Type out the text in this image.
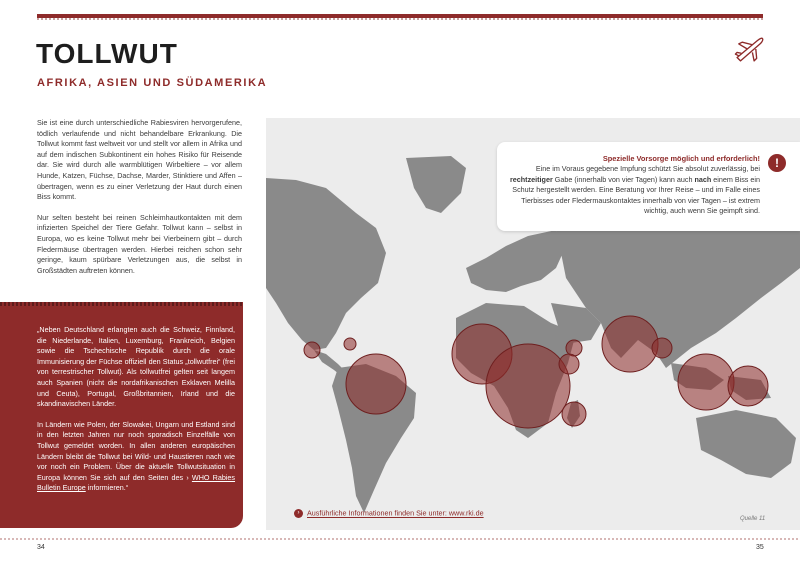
TOLLWUT
AFRIKA, ASIEN UND SÜDAMERIKA

Sie ist eine durch unterschiedliche Rabiesviren hervorgerufene, tödlich verlaufende und nicht behandelbare Erkrankung. Die Tollwut kommt fast weltweit vor und stellt vor allem in Afrika und auf dem indischen Subkontinent ein hohes Risiko für Reisende dar. Sie wird durch alle warmblütigen Wirbeltiere – vor allem Hunde, Katzen, Füchse, Dachse, Marder, Stinktiere und Affen – übertragen, wenn es zu einer Verletzung der Haut durch einen Biss kommt.

Nur selten besteht bei reinen Schleimhautkontakten mit dem infizierten Speichel der Tiere Gefahr. Tollwut kann – selbst in Europa, wo es keine Tollwut mehr bei Vierbeinern gibt – durch Fledermäuse übertragen werden. Hierbei reichen schon sehr geringe, kaum spürbare Verletzungen aus, die selbst in Großstädten auftreten können.

„Neben Deutschland erlangten auch die Schweiz, Finnland, die Niederlande, Italien, Luxemburg, Frankreich, Belgien sowie die Tschechische Republik durch die orale Immunisierung der Füchse offiziell den Status „tollwutfrei“ (frei von terrestrischer Tollwut). Als tollwutfrei gelten seit langem auch Spanien (nicht die nordafrikanischen Exklaven Melilla und Ceuta), Portugal, Großbritannien, Irland und die skandinavischen Länder.

In Ländern wie Polen, der Slowakei, Ungarn und Estland sind in den letzten Jahren nur noch sporadisch Einzelfälle von Tollwut gemeldet worden. In allen anderen europäischen Ländern bleibt die Tollwut bei Wild- und Haustieren nach wie vor noch ein Problem. Über die aktuelle Tollwutsituation in Europa können Sie sich auf den Seiten des › WHO Rabies Bulletin Europe informieren.“

!
Spezielle Vorsorge möglich und erforderlich!
Eine im Voraus gegebene Impfung schützt Sie absolut zuverlässig, bei rechtzeitiger Gabe (innerhalb von vier Tagen) kann auch nach einem Biss ein Schutz hergestellt werden. Eine Beratung vor Ihrer Reise – und im Falle eines Tierbisses oder Fledermauskontaktes innerhalb von vier Tagen – ist extrem wichtig, auch wenn Sie geimpft sind.
› Ausführliche Informationen finden Sie unter: www.rki.de
Quelle 11
34	35
